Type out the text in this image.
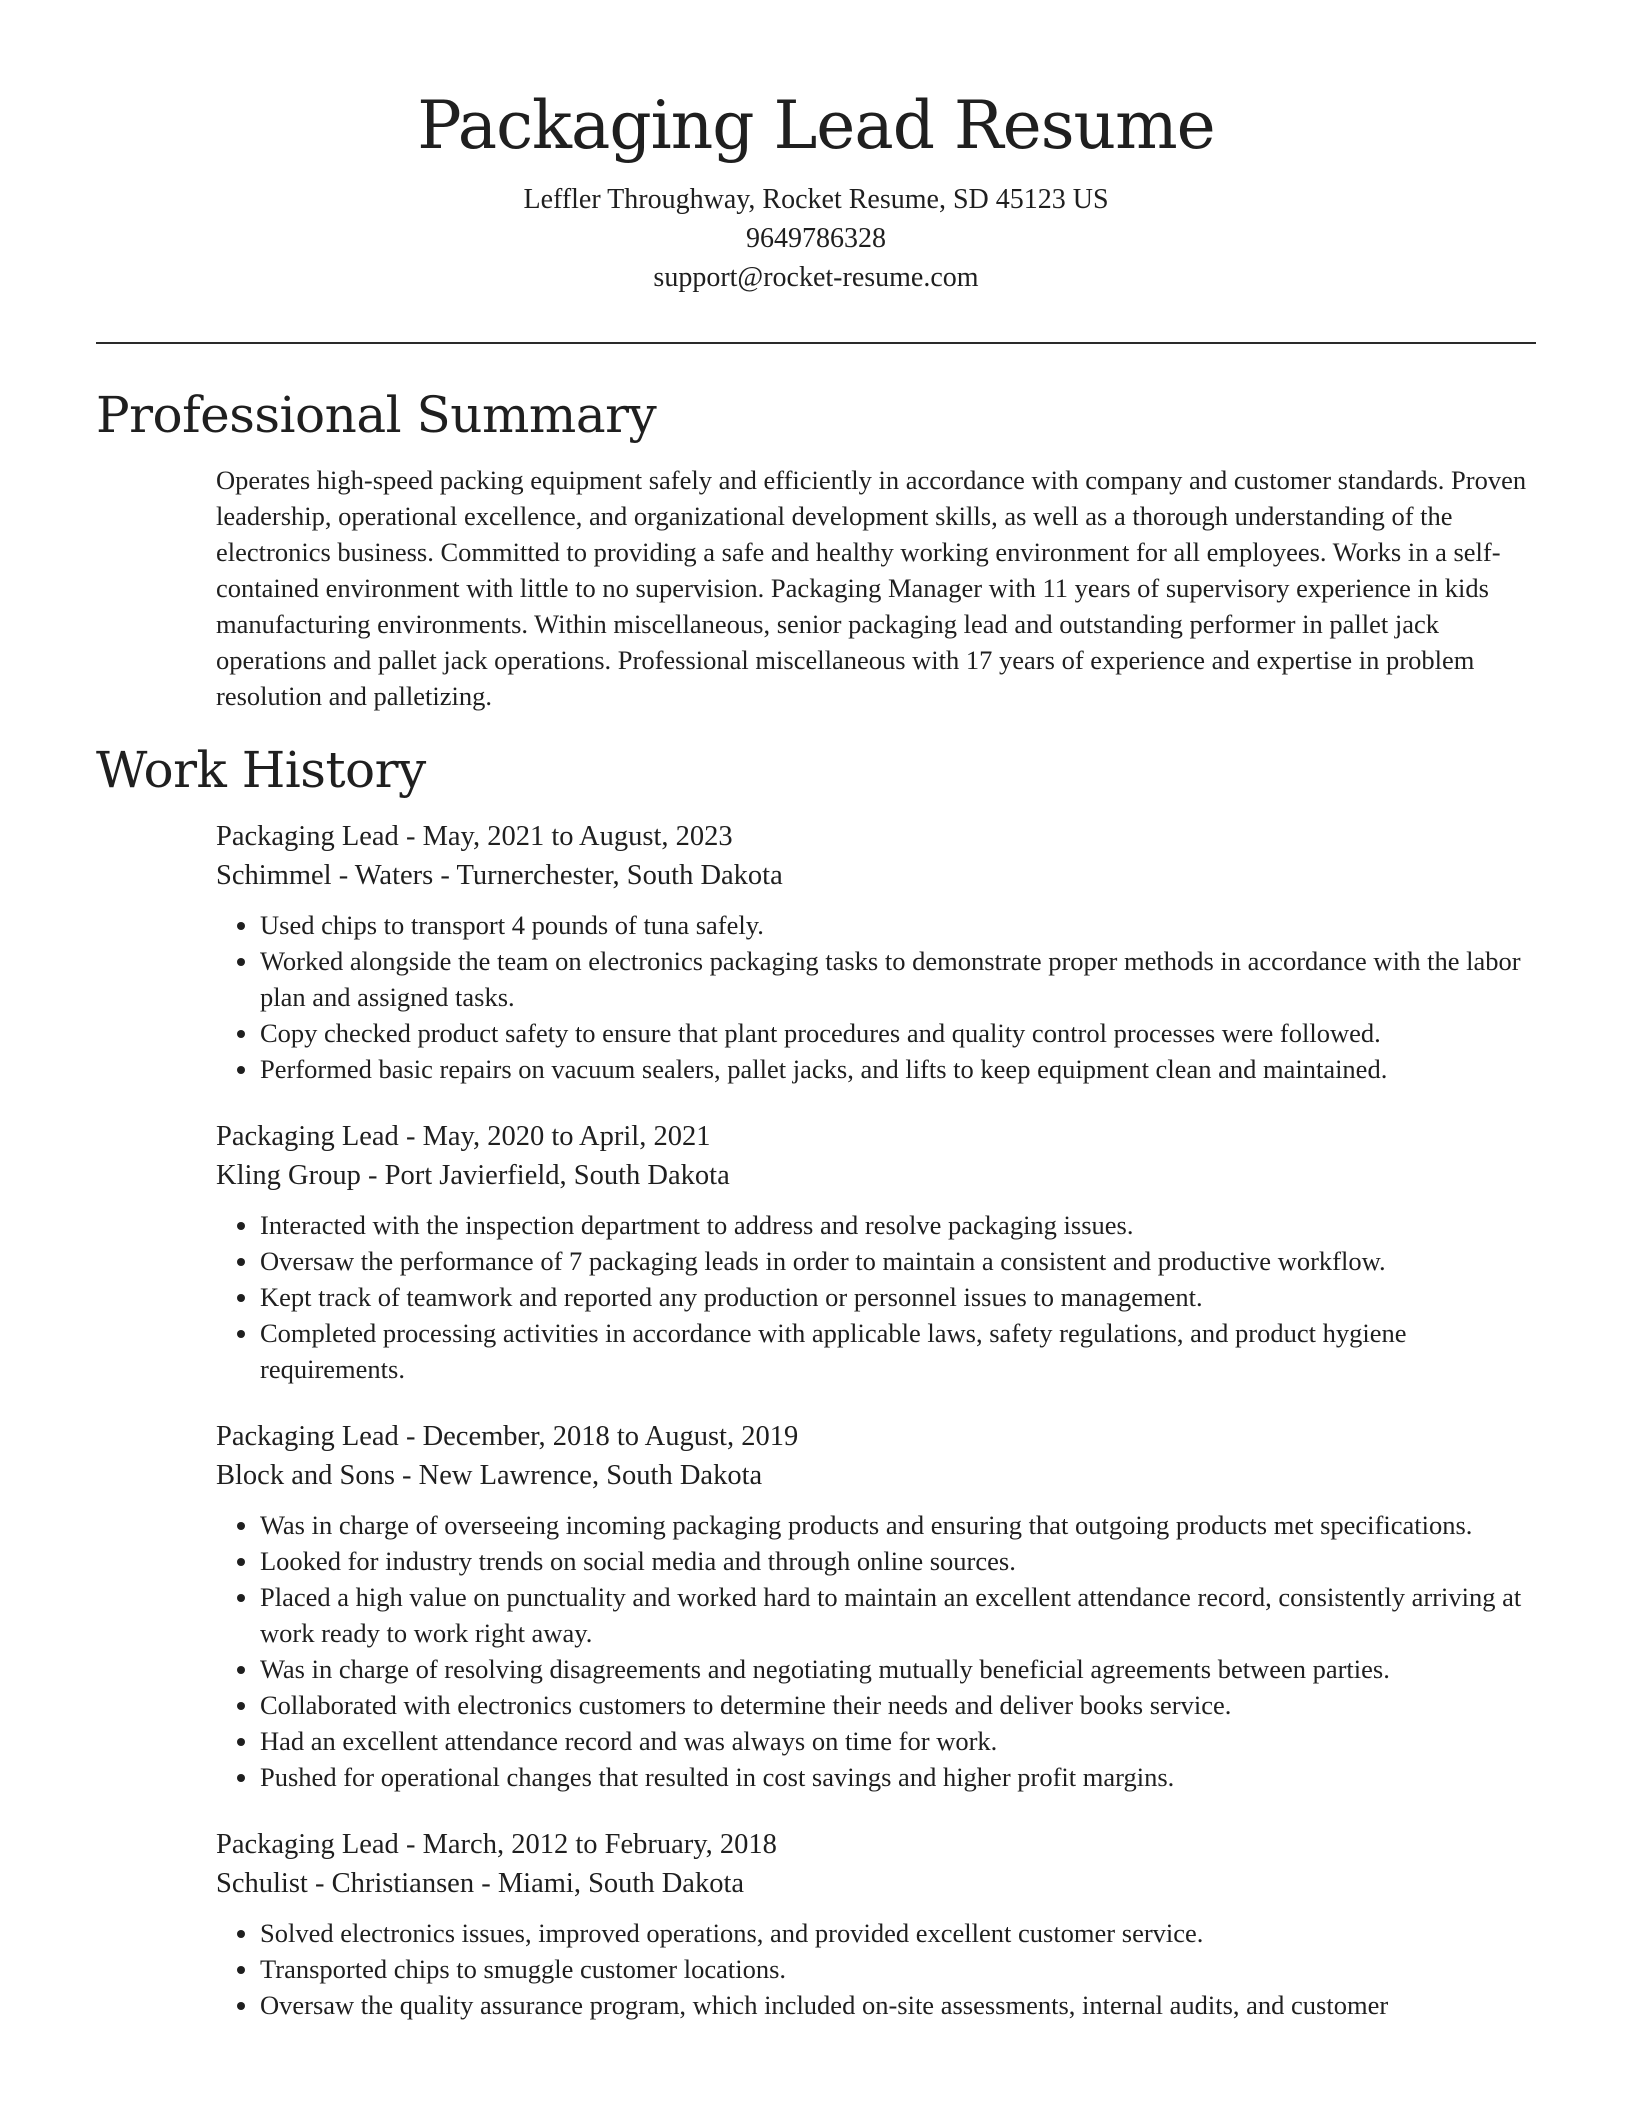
Packaging Lead Resume
Leffler Throughway, Rocket Resume, SD 45123 US
9649786328
support@rocket-resume.com
Professional Summary

Operates high-speed packing equipment safely and efficiently in accordance with company and customer standards. Proven leadership, operational excellence, and organizational development skills, as well as a thorough understanding of the electronics business. Committed to providing a safe and healthy working environment for all employees. Works in a self-contained environment with little to no supervision. Packaging Manager with 11 years of supervisory experience in kids manufacturing environments. Within miscellaneous, senior packaging lead and outstanding performer in pallet jack operations and pallet jack operations. Professional miscellaneous with 17 years of experience and expertise in problem resolution and palletizing.

Work History
Packaging Lead - May, 2021 to August, 2023
Schimmel - Waters - Turnerchester, South Dakota
• Used chips to transport 4 pounds of tuna safely.
• Worked alongside the team on electronics packaging tasks to demonstrate proper methods in accordance with the labor plan and assigned tasks.
• Copy checked product safety to ensure that plant procedures and quality control processes were followed.
• Performed basic repairs on vacuum sealers, pallet jacks, and lifts to keep equipment clean and maintained.
Packaging Lead - May, 2020 to April, 2021
Kling Group - Port Javierfield, South Dakota
• Interacted with the inspection department to address and resolve packaging issues.
• Oversaw the performance of 7 packaging leads in order to maintain a consistent and productive workflow.
• Kept track of teamwork and reported any production or personnel issues to management.
• Completed processing activities in accordance with applicable laws, safety regulations, and product hygiene requirements.
Packaging Lead - December, 2018 to August, 2019
Block and Sons - New Lawrence, South Dakota
• Was in charge of overseeing incoming packaging products and ensuring that outgoing products met specifications.
• Looked for industry trends on social media and through online sources.
• Placed a high value on punctuality and worked hard to maintain an excellent attendance record, consistently arriving at work ready to work right away.
• Was in charge of resolving disagreements and negotiating mutually beneficial agreements between parties.
• Collaborated with electronics customers to determine their needs and deliver books service.
• Had an excellent attendance record and was always on time for work.
• Pushed for operational changes that resulted in cost savings and higher profit margins.
Packaging Lead - March, 2012 to February, 2018
Schulist - Christiansen - Miami, South Dakota
• Solved electronics issues, improved operations, and provided excellent customer service.
• Transported chips to smuggle customer locations.
• Oversaw the quality assurance program, which included on-site assessments, internal audits, and customer
